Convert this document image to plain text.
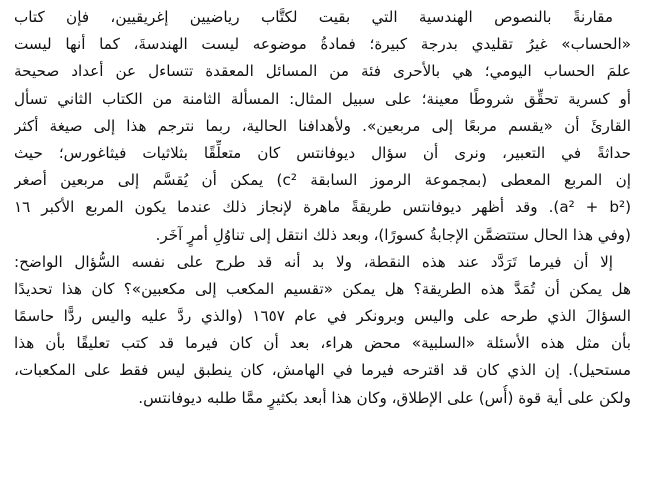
مقارنةً بالنصوص الهندسية التي بقيت لكتَّاب رياضيين إغريقيين، فإن كتاب
«الحساب» غيرُ تقليدي بدرجة كبيرة؛ فمادةُ موضوعه ليست الهندسةَ، كما أنها ليست
علمَ الحساب اليومي؛ هي بالأحرى فئة من المسائل المعقدة تتساءل عن أعداد صحيحة
أو كسرية تحقِّق شروطًا معينة؛ على سبيل المثال: المسألة الثامنة من الكتاب الثاني تسأل
القارئَ أن «يقسم مربعًا إلى مربعين». ولأهدافنا الحالية، ربما نترجم هذا إلى صيغة أكثر
حداثةً في التعبير، ونرى أن سؤال ديوفانتس كان متعلِّقًا بثلاثيات فيثاغورس؛ حيث
إن المربع المعطى (بمجموعة الرموز السابقة c²) يمكن أن يُقسَّم إلى مربعين أصغر
(a² + b²). وقد أظهر ديوفانتس طريقةً ماهرة لإنجاز ذلك عندما يكون المربع الأكبر ١٦
(وفي هذا الحال ستتضمَّن الإجابةُ كسورًا)، وبعد ذلك انتقل إلى تناوُلِ أمرٍ آخَر.
إلا أن فيرما تَرَدَّد عند هذه النقطة، ولا بد أنه قد طرح على نفسه السُّؤال الواضح:
هل يمكن أن تُمَدَّ هذه الطريقة؟ هل يمكن «تقسيم المكعب إلى مكعبين»؟ كان هذا تحديدًا
السؤالَ الذي طرحه على واليس وبرونكر في عام ١٦٥٧ (والذي ردَّ عليه واليس ردًّا حاسمًا
بأن مثل هذه الأسئلة «السلبية» محض هراء، بعد أن كان فيرما قد كتب تعليقًا بأن هذا
مستحيل). إن الذي كان قد اقترحه فيرما في الهامش، كان ينطبق ليس فقط على المكعبات،
ولكن على أية قوة (أُس) على الإطلاق، وكان هذا أبعد بكثيرٍ ممَّا طلبه ديوفانتس.
